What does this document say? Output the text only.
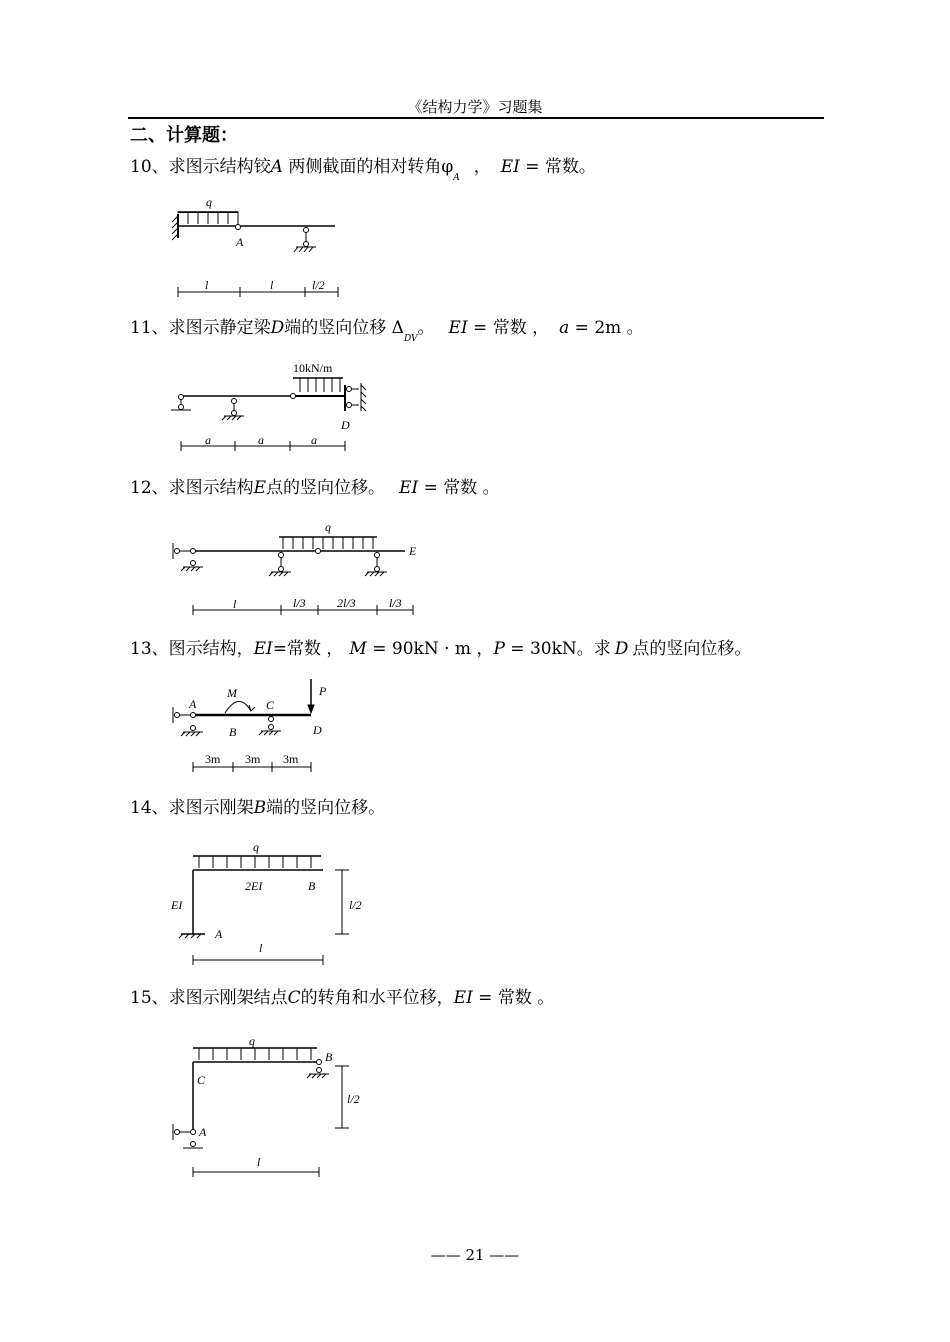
《结构力学》习题集
二、计算题：
10、求图示结构铰A 两侧截面的相对转角$\varphi_A$， EI = 常数。
q
A
l	l	l/2
11、求图示静定梁D端的竖向位移 $\Delta_{DV}$。 EI = 常数 ， a = 2m 。
10kN/m
D
a	a	a
12、求图示结构E点的竖向位移。 EI = 常数 。
q
E
l	l/3	2l/3	l/3
13、图示结构，EI=常数 ， M = 90kN · m ，P = 30kN。求 D 点的竖向位移。
A
M
C
P
B	D
3m 3m 3m
14、求图示刚架B端的竖向位移。
q
2EI	B
EI
A
l/2
l
15、求图示刚架结点C的转角和水平位移，EI = 常数 。
q
B
C
A
l/2
l
—— 21 ——
